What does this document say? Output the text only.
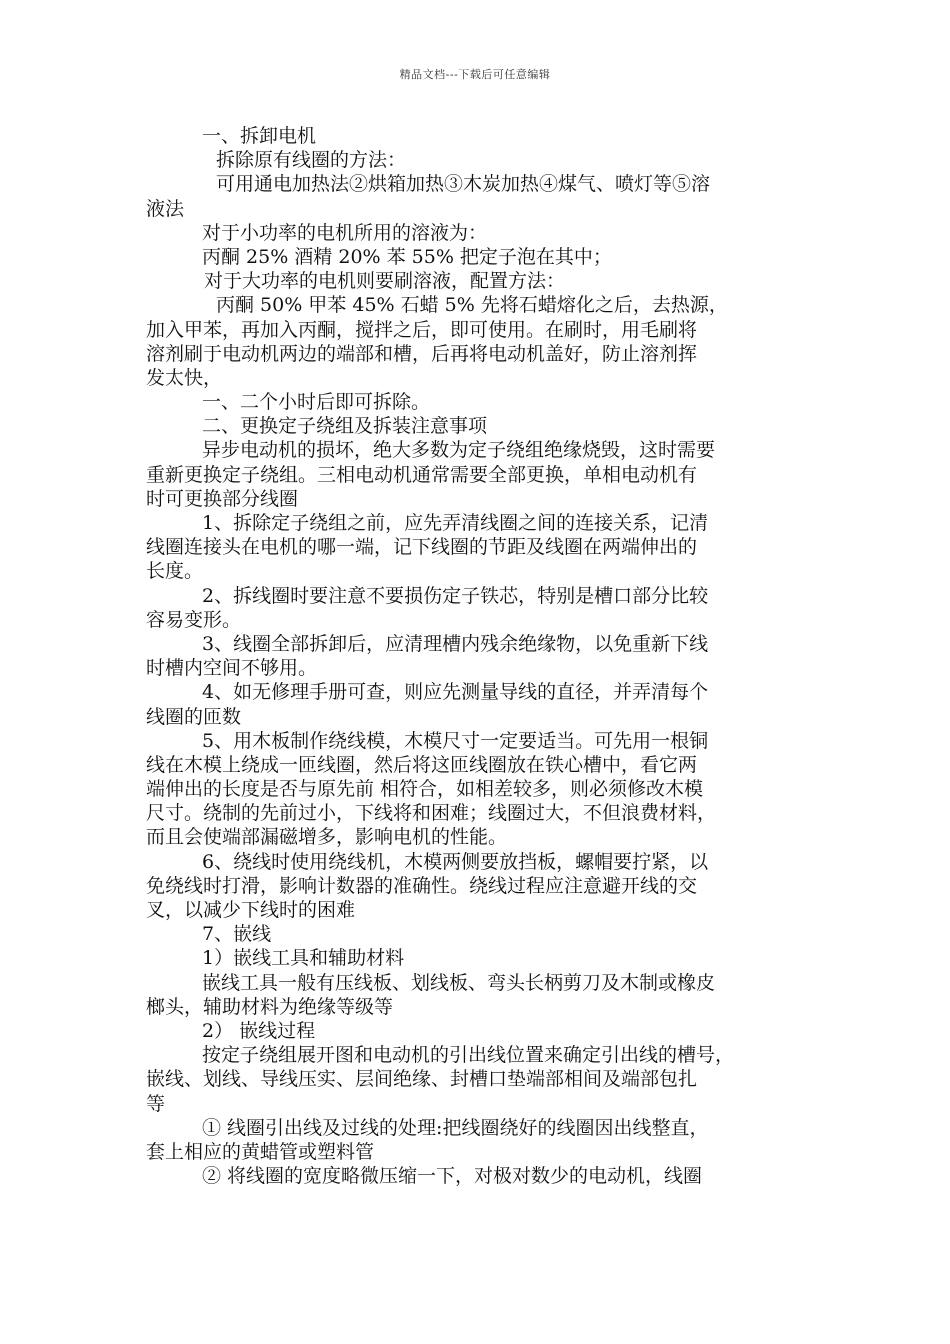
精品文档---下载后可任意编辑
一、拆卸电机
拆除原有线圈的方法：
可用通电加热法②烘箱加热③木炭加热④煤气、喷灯等⑤溶
液法
对于小功率的电机所用的溶液为：
丙酮 25% 酒精 20% 苯 55% 把定子泡在其中；
对于大功率的电机则要刷溶液，配置方法：
丙酮 50% 甲苯 45% 石蜡 5% 先将石蜡熔化之后，去热源，
加入甲苯，再加入丙酮，搅拌之后，即可使用。在刷时，用毛刷将
溶剂刷于电动机两边的端部和槽，后再将电动机盖好，防止溶剂挥
发太快，
一、二个小时后即可拆除。
二、更换定子绕组及拆装注意事项
异步电动机的损坏，绝大多数为定子绕组绝缘烧毁，这时需要
重新更换定子绕组。三相电动机通常需要全部更换，单相电动机有
时可更换部分线圈
1、拆除定子绕组之前，应先弄清线圈之间的连接关系，记清
线圈连接头在电机的哪一端，记下线圈的节距及线圈在两端伸出的
长度。
2、拆线圈时要注意不要损伤定子铁芯，特别是槽口部分比较
容易变形。
3、线圈全部拆卸后，应清理槽内残余绝缘物，以免重新下线
时槽内空间不够用。
4、如无修理手册可查，则应先测量导线的直径，并弄清每个
线圈的匝数
5、用木板制作绕线模，木模尺寸一定要适当。可先用一根铜
线在木模上绕成一匝线圈，然后将这匝线圈放在铁心槽中，看它两
端伸出的长度是否与原先前 相符合，如相差较多，则必须修改木模
尺寸。绕制的先前过小，下线将和困难；线圈过大，不但浪费材料，
而且会使端部漏磁增多，影响电机的性能。
6、绕线时使用绕线机，木模两侧要放挡板，螺帽要拧紧，以
免绕线时打滑，影响计数器的准确性。绕线过程应注意避开线的交
叉，以减少下线时的困难
7、嵌线
1）嵌线工具和辅助材料
嵌线工具一般有压线板、划线板、弯头长柄剪刀及木制或橡皮
榔头，辅助材料为绝缘等级等
2） 嵌线过程
按定子绕组展开图和电动机的引出线位置来确定引出线的槽号，
嵌线、划线、导线压实、层间绝缘、封槽口垫端部相间及端部包扎
等
① 线圈引出线及过线的处理:把线圈绕好的线圈因出线整直，
套上相应的黄蜡管或塑料管
② 将线圈的宽度略微压缩一下，对极对数少的电动机，线圈
